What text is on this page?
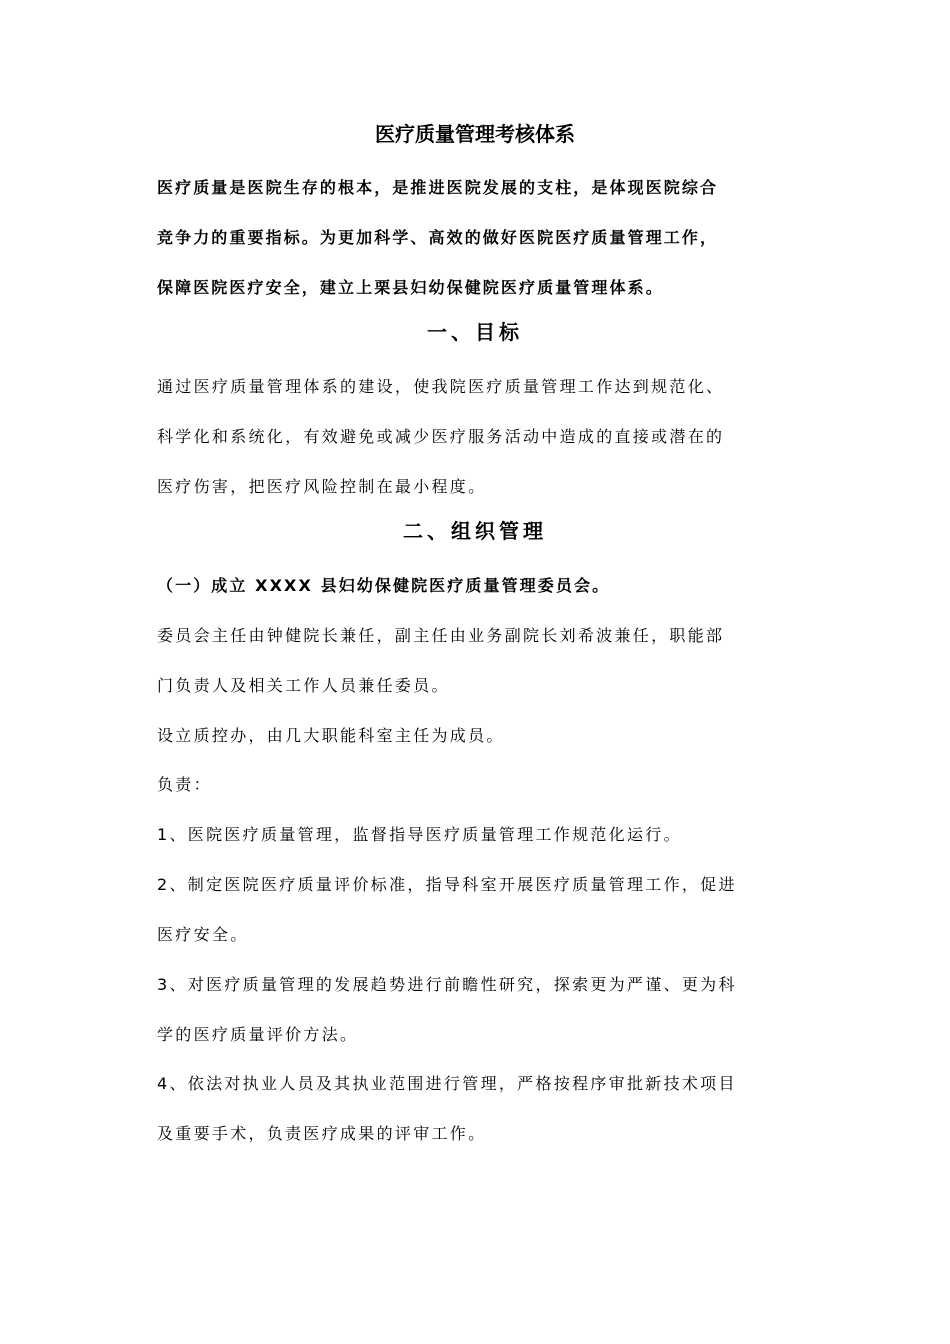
医疗质量管理考核体系

医疗质量是医院生存的根本，是推进医院发展的支柱，是体现医院综合

竞争力的重要指标。为更加科学、高效的做好医院医疗质量管理工作，

保障医院医疗安全，建立上栗县妇幼保健院医疗质量管理体系。

一、目标

通过医疗质量管理体系的建设，使我院医疗质量管理工作达到规范化、

科学化和系统化，有效避免或减少医疗服务活动中造成的直接或潜在的

医疗伤害，把医疗风险控制在最小程度。

二、组织管理

（一）成立 XXXX 县妇幼保健院医疗质量管理委员会。

委员会主任由钟健院长兼任，副主任由业务副院长刘希波兼任，职能部

门负责人及相关工作人员兼任委员。

设立质控办，由几大职能科室主任为成员。

负责：

1、医院医疗质量管理，监督指导医疗质量管理工作规范化运行。

2、制定医院医疗质量评价标准，指导科室开展医疗质量管理工作，促进

医疗安全。

3、对医疗质量管理的发展趋势进行前瞻性研究，探索更为严谨、更为科

学的医疗质量评价方法。

4、依法对执业人员及其执业范围进行管理，严格按程序审批新技术项目

及重要手术，负责医疗成果的评审工作。
